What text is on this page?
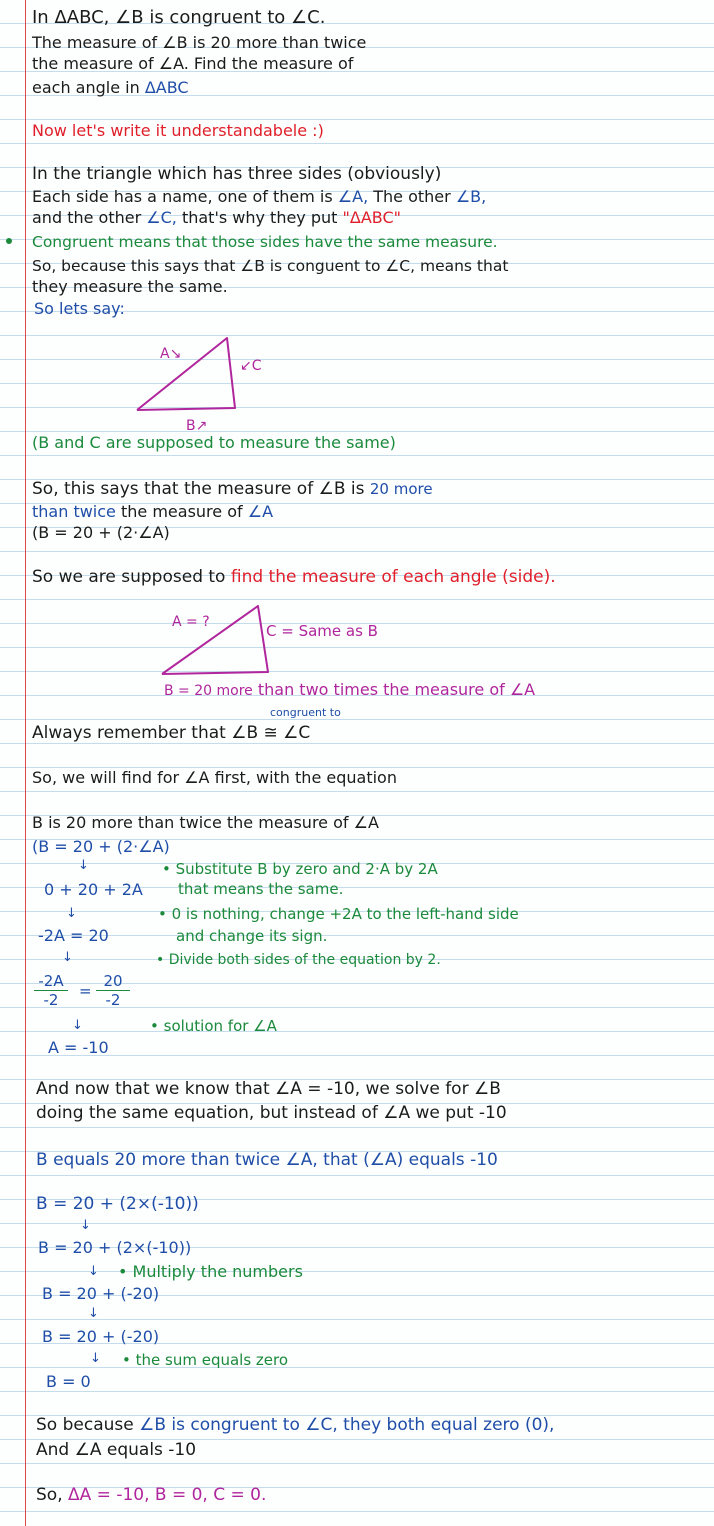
In ΔABC, ∠B is congruent to ∠C.
The measure of ∠B is 20 more than twice
the measure of ∠A. Find the measure of
each angle in ΔABC
Now let's write it understandabele :)
In the triangle which has three sides (obviously)
Each side has a name, one of them is ∠A, The other ∠B,
and the other ∠C, that's why they put "ΔABC"
Congruent means that those sides have the same measure.
So, because this says that ∠B is conguent to ∠C, means that
they measure the same.
So lets say:
A↘
↙C
B↗
(B and C are supposed to measure the same)
So, this says that the measure of ∠B is 20 more
than twice the measure of ∠A
(B = 20 + (2·∠A)
So we are supposed to find the measure of each angle (side).
A = ?	C = Same as B
B = 20 more than two times the measure of ∠A
congruent to
Always remember that ∠B ≅ ∠C
So, we will find for ∠A first, with the equation
B is 20 more than twice the measure of ∠A
(B = 20 + (2·∠A)
↓
0 + 20 + 2A
↓
-2A = 20
↓
-2A
-2 =
20
-2
↓
A = -10
• Substitute B by zero and 2·A by 2A
that means the same.
• 0 is nothing, change +2A to the left-hand side
and change its sign.
• Divide both sides of the equation by 2.
• solution for ∠A
And now that we know that ∠A = -10, we solve for ∠B
doing the same equation, but instead of ∠A we put -10
B equals 20 more than twice ∠A, that (∠A) equals -10
B = 20 + (2×(-10))
↓
B = 20 + (2×(-10))
↓ • Multiply the numbers
B = 20 + (-20)
↓
B = 20 + (-20)
↓ • the sum equals zero
B = 0
So because ∠B is congruent to ∠C, they both equal zero (0),
And ∠A equals -10
So, ΔA = -10, B = 0, C = 0.
